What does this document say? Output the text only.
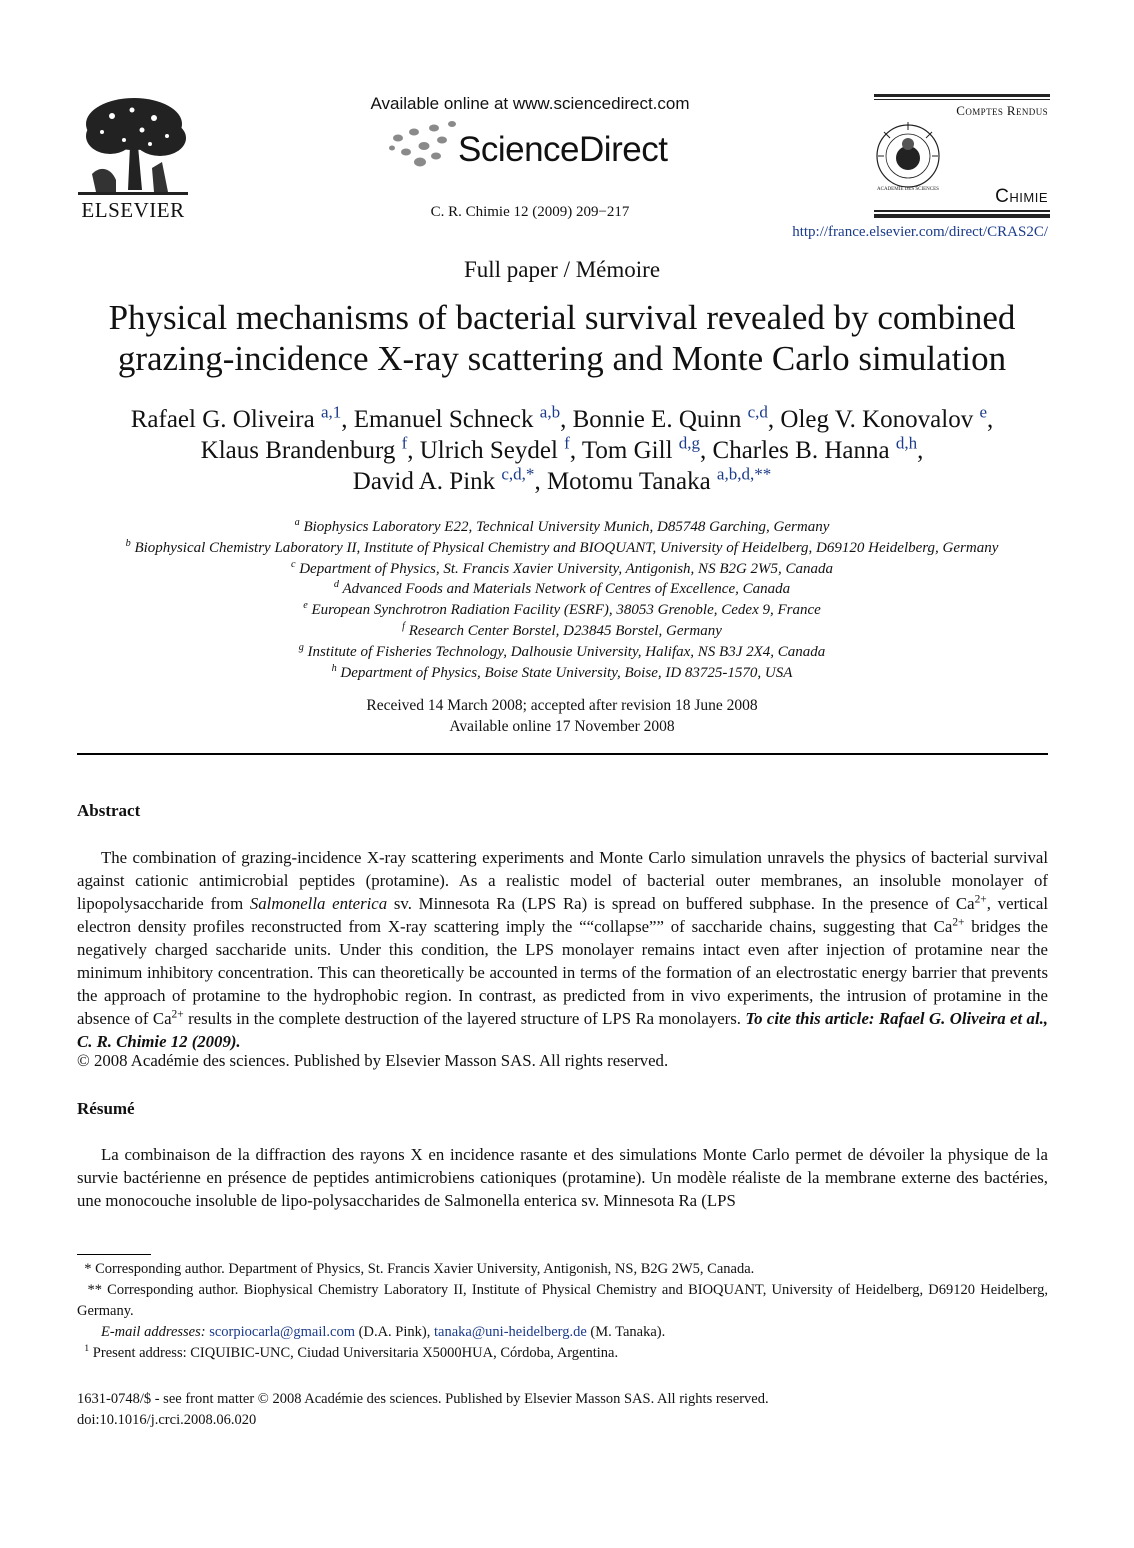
ELSEVIER
Available online at www.sciencedirect.com
ScienceDirect
C. R. Chimie 12 (2009) 209−217
ACADEMIE DES SCIENCES
Comptes Rendus
Chimie
http://france.elsevier.com/direct/CRAS2C/
Full paper / Mémoire
Physical mechanisms of bacterial survival revealed by combined
grazing-incidence X-ray scattering and Monte Carlo simulation
Rafael G. Oliveira $^{a,1}$, Emanuel Schneck $^{a,b}$, Bonnie E. Quinn $^{c,d}$, Oleg V. Konovalov $^e$,
Klaus Brandenburg $^f$, Ulrich Seydel $^f$, Tom Gill $^{d,g}$, Charles B. Hanna $^{d,h}$,
David A. Pink $^{c,d,*}$, Motomu Tanaka $^{a,b,d,**}$
$^a$ Biophysics Laboratory E22, Technical University Munich, D85748 Garching, Germany
$^b$ Biophysical Chemistry Laboratory II, Institute of Physical Chemistry and BIOQUANT, University of Heidelberg, D69120 Heidelberg, Germany
$^c$ Department of Physics, St. Francis Xavier University, Antigonish, NS B2G 2W5, Canada
$^d$ Advanced Foods and Materials Network of Centres of Excellence, Canada
$^e$ European Synchrotron Radiation Facility (ESRF), 38053 Grenoble, Cedex 9, France
$^f$ Research Center Borstel, D23845 Borstel, Germany
$^g$ Institute of Fisheries Technology, Dalhousie University, Halifax, NS B3J 2X4, Canada
$^h$ Department of Physics, Boise State University, Boise, ID 83725-1570, USA
Received 14 March 2008; accepted after revision 18 June 2008
Available online 17 November 2008
Abstract

The combination of grazing-incidence X-ray scattering experiments and Monte Carlo simulation unravels the physics of bacterial survival against cationic antimicrobial peptides (protamine). As a realistic model of bacterial outer membranes, an insoluble monolayer of lipopolysaccharide from Salmonella enterica sv. Minnesota Ra (LPS Ra) is spread on buffered subphase. In the presence of $Ca^{2+}$, vertical electron density profiles reconstructed from X-ray scattering imply the ““collapse”” of saccharide chains, suggesting that $Ca^{2+}$ bridges the negatively charged saccharide units. Under this condition, the LPS monolayer remains intact even after injection of protamine near the minimum inhibitory concentration. This can theoretically be accounted in terms of the formation of an electrostatic energy barrier that prevents the approach of protamine to the hydrophobic region. In contrast, as predicted from in vivo experiments, the intrusion of protamine in the absence of $Ca^{2+}$ results in the complete destruction of the layered structure of LPS Ra monolayers. To cite this article: Rafael G. Oliveira et al., C. R. Chimie 12 (2009).

© 2008 Académie des sciences. Published by Elsevier Masson SAS. All rights reserved.
Résumé

La combinaison de la diffraction des rayons X en incidence rasante et des simulations Monte Carlo permet de dévoiler la physique de la survie bactérienne en présence de peptides antimicrobiens cationiques (protamine). Un modèle réaliste de la membrane externe des bactéries, une monocouche insoluble de lipo-polysaccharides de Salmonella enterica sv. Minnesota Ra (LPS

* Corresponding author. Department of Physics, St. Francis Xavier University, Antigonish, NS, B2G 2W5, Canada.

** Corresponding author. Biophysical Chemistry Laboratory II, Institute of Physical Chemistry and BIOQUANT, University of Heidelberg, D69120 Heidelberg, Germany.

E-mail addresses: scorpiocarla@gmail.com (D.A. Pink), tanaka@uni-heidelberg.de (M. Tanaka).

$^1$ Present address: CIQUIBIC-UNC, Ciudad Universitaria X5000HUA, Córdoba, Argentina.

1631-0748/$ - see front matter © 2008 Académie des sciences. Published by Elsevier Masson SAS. All rights reserved.
doi:10.1016/j.crci.2008.06.020
